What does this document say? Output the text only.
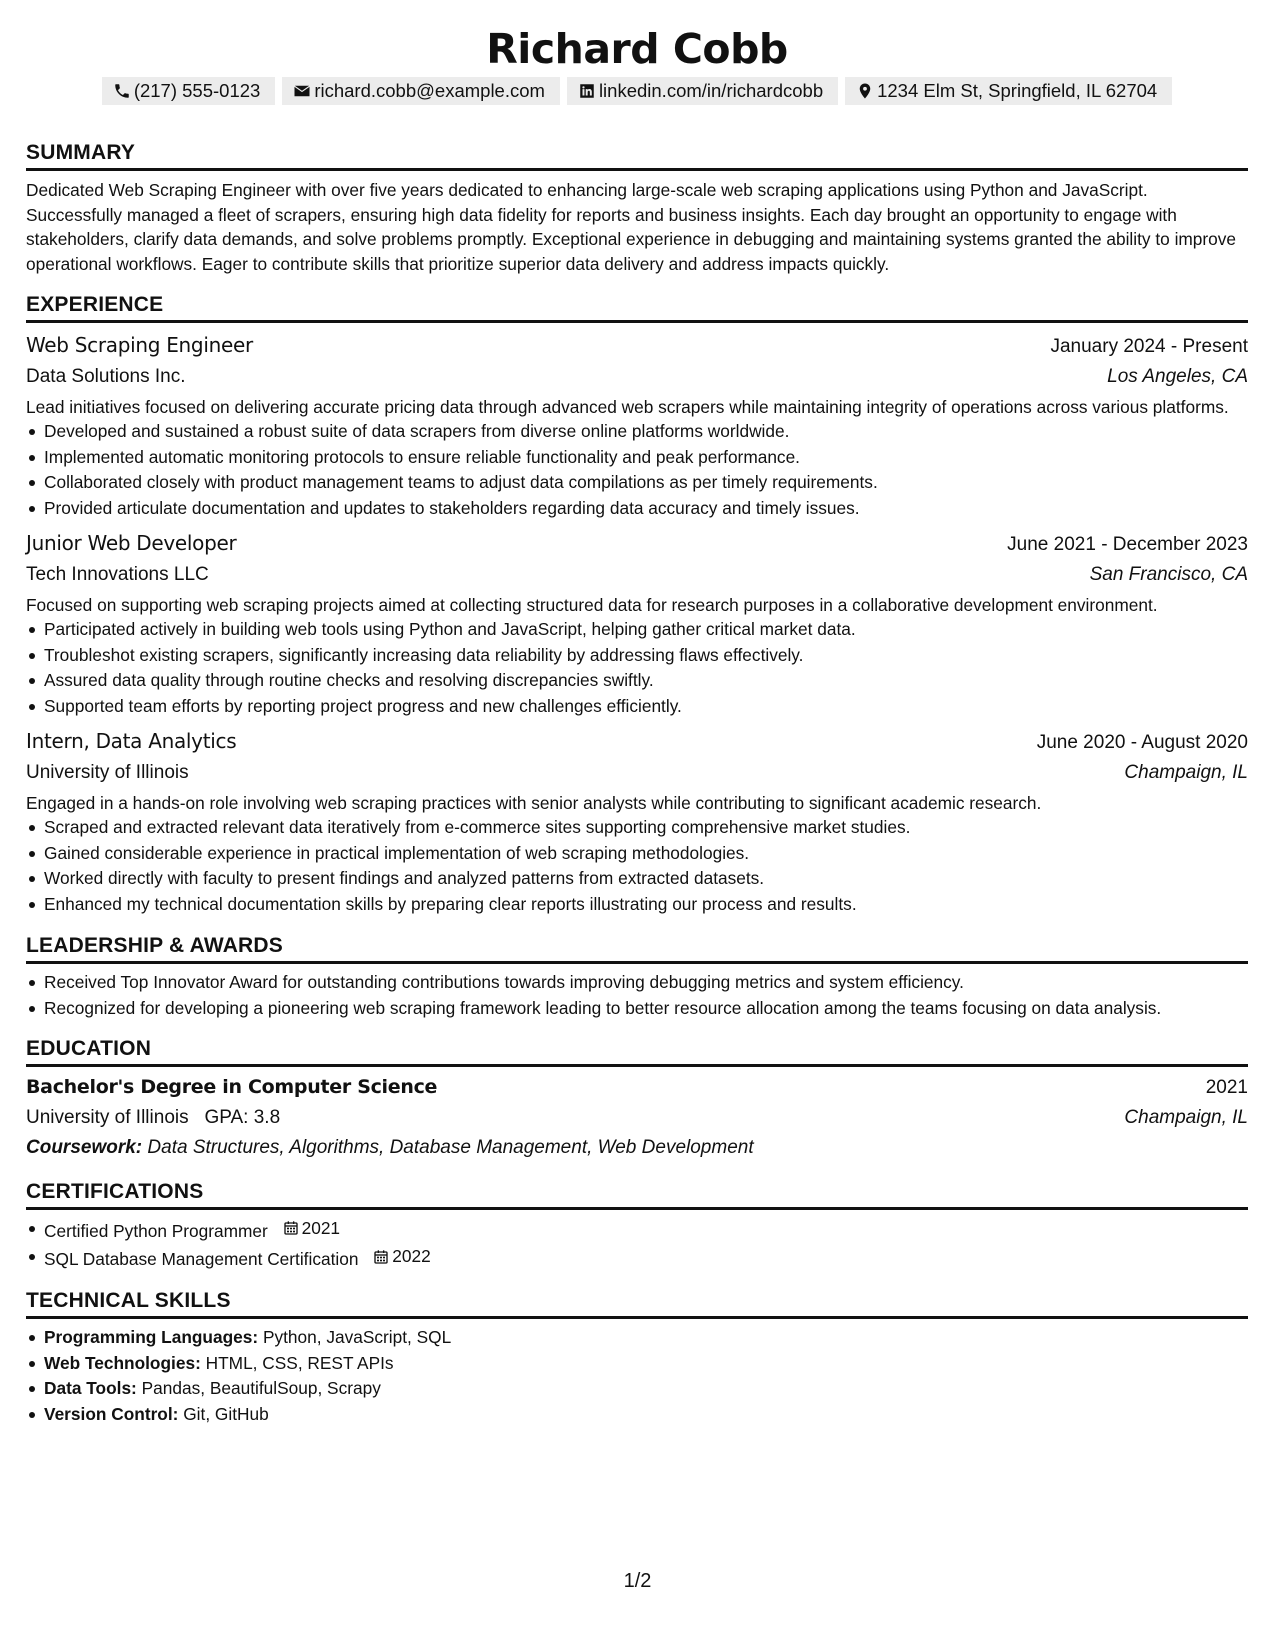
Richard Cobb
(217) 555-0123	richard.cobb@example.com	linkedin.com/in/richardcobb	1234 Elm St, Springfield, IL 62704
SUMMARY

Dedicated Web Scraping Engineer with over five years dedicated to enhancing large-scale web scraping applications using Python and JavaScript. Successfully managed a fleet of scrapers, ensuring high data fidelity for reports and business insights. Each day brought an opportunity to engage with stakeholders, clarify data demands, and solve problems promptly. Exceptional experience in debugging and maintaining systems granted the ability to improve operational workflows. Eager to contribute skills that prioritize superior data delivery and address impacts quickly.

EXPERIENCE
Web Scraping Engineer	January 2024 - Present
Data Solutions Inc.	Los Angeles, CA

Lead initiatives focused on delivering accurate pricing data through advanced web scrapers while maintaining integrity of operations across various platforms.

Developed and sustained a robust suite of data scrapers from diverse online platforms worldwide.
Implemented automatic monitoring protocols to ensure reliable functionality and peak performance.
Collaborated closely with product management teams to adjust data compilations as per timely requirements.
Provided articulate documentation and updates to stakeholders regarding data accuracy and timely issues.
Junior Web Developer	June 2021 - December 2023
Tech Innovations LLC	San Francisco, CA

Focused on supporting web scraping projects aimed at collecting structured data for research purposes in a collaborative development environment.

Participated actively in building web tools using Python and JavaScript, helping gather critical market data.
Troubleshot existing scrapers, significantly increasing data reliability by addressing flaws effectively.
Assured data quality through routine checks and resolving discrepancies swiftly.
Supported team efforts by reporting project progress and new challenges efficiently.
Intern, Data Analytics	June 2020 - August 2020
University of Illinois	Champaign, IL

Engaged in a hands-on role involving web scraping practices with senior analysts while contributing to significant academic research.

Scraped and extracted relevant data iteratively from e-commerce sites supporting comprehensive market studies.
Gained considerable experience in practical implementation of web scraping methodologies.
Worked directly with faculty to present findings and analyzed patterns from extracted datasets.
Enhanced my technical documentation skills by preparing clear reports illustrating our process and results.
LEADERSHIP & AWARDS
Received Top Innovator Award for outstanding contributions towards improving debugging metrics and system efficiency.
Recognized for developing a pioneering web scraping framework leading to better resource allocation among the teams focusing on data analysis.
EDUCATION
Bachelor's Degree in Computer Science	2021
University of Illinois GPA: 3.8	Champaign, IL
Coursework: Data Structures, Algorithms, Database Management, Web Development
CERTIFICATIONS
Certified Python Programmer 2021
SQL Database Management Certification 2022
TECHNICAL SKILLS
Programming Languages: Python, JavaScript, SQL
Web Technologies: HTML, CSS, REST APIs
Data Tools: Pandas, BeautifulSoup, Scrapy
Version Control: Git, GitHub
1/2
